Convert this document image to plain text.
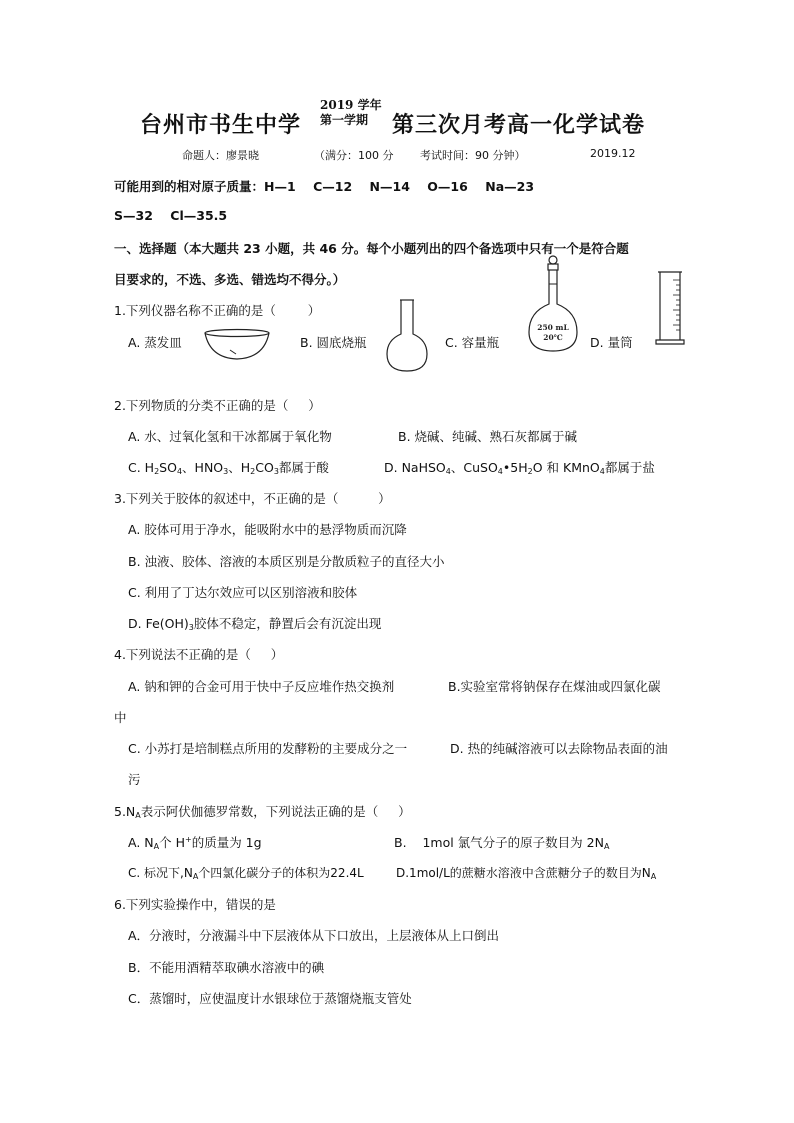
台州市书生中学
2019 学年
第一学期 第三次月考高一化学试卷
命题人：廖景晓	（满分：100 分 考试时间：90 分钟）	2019.12
可能用到的相对原子质量：H—1    C—12    N—14    O—16    Na—23
S—32    Cl—35.5
一、选择题（本大题共 23 小题，共 46 分。每个小题列出的四个备选项中只有一个是符合题
目要求的，不选、多选、错选均不得分。）
1.下列仪器名称不正确的是（        ）
A. 蒸发皿	B. 圆底烧瓶	C. 容量瓶
250 mL
20℃ D. 量筒
2.下列物质的分类不正确的是（     ）
A. 水、过氧化氢和干冰都属于氧化物	B. 烧碱、纯碱、熟石灰都属于碱
C. $H_2SO_4$、$HNO_3$、$H_2CO_3$都属于酸	D. NaHSO$_4$、$CuSO_4•5H_2O$ 和 KMnO$_4$都属于盐
3.下列关于胶体的叙述中，不正确的是（          ）
A. 胶体可用于净水，能吸附水中的悬浮物质而沉降
B. 浊液、胶体、溶液的本质区别是分散质粒子的直径大小
C. 利用了丁达尔效应可以区别溶液和胶体
D. $Fe(OH)_3$胶体不稳定，静置后会有沉淀出现
4.下列说法不正确的是（     ）
A. 钠和钾的合金可用于快中子反应堆作热交换剂	B.实验室常将钠保存在煤油或四氯化碳
中
C. 小苏打是培制糕点所用的发酵粉的主要成分之一	D. 热的纯碱溶液可以去除物品表面的油
污
$5.N_A$表示阿伏伽德罗常数，下列说法正确的是（     ）
A. $N_A$个 H+的质量为 1g	B.    1mol 氯气分子的原子数目为 $2N_A$
C. 标况下$,N_A$个四氯化碳分子的体积为22.4L	D.1mol/L的蔗糖水溶液中含蔗糖分子的数目为$N_A$
6.下列实验操作中，错误的是
A．分液时，分液漏斗中下层液体从下口放出，上层液体从上口倒出
B．不能用酒精萃取碘水溶液中的碘
C．蒸馏时，应使温度计水银球位于蒸馏烧瓶支管处
